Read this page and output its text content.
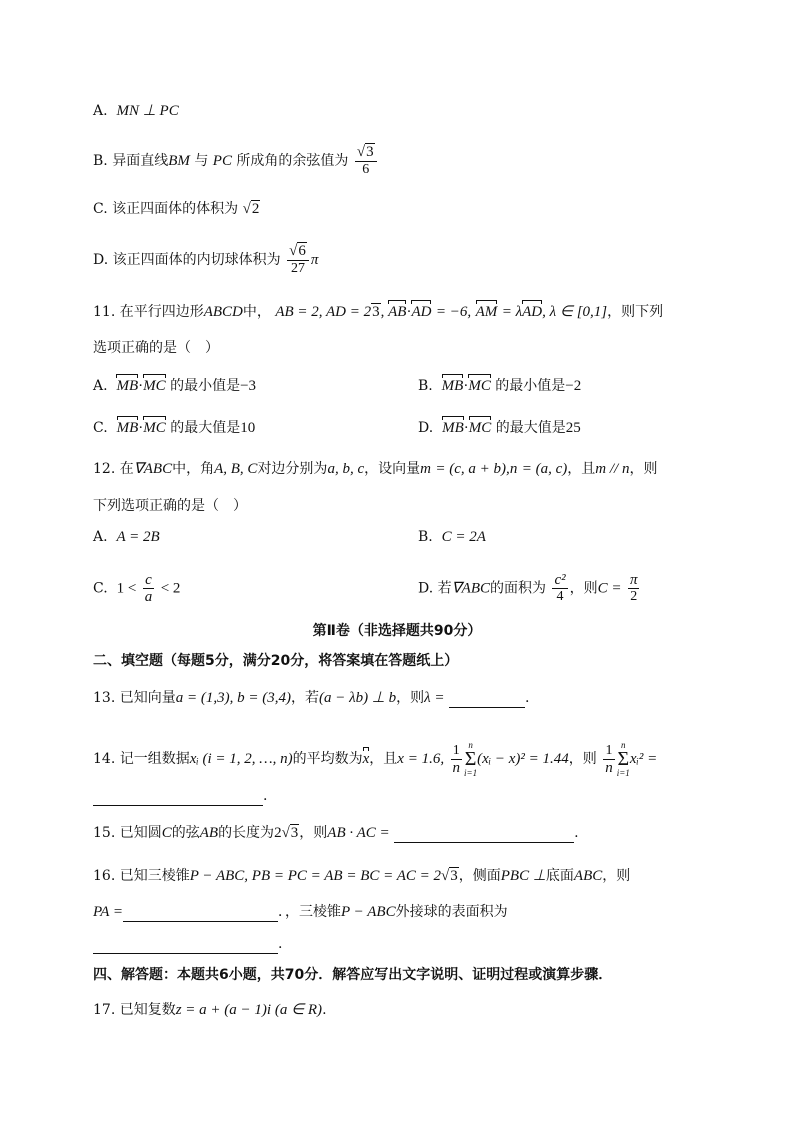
A. MN ⊥ PC
B. 异面直线BM 与 PC 所成角的余弦值为 $\frac{√3}{6}$
C. 该正四面体的体积为 √2
D. 该正四面体的内切球体积为 $\frac{√6}{27}$ π
11. 在平行四边形ABCD中， AB = 2, AD = 23, AB·AD = −6, AM = λAD, λ ∈ [0,1]，则下列
选项正确的是（　）
A. MB·MC 的最小值是−3	B. MB·MC 的最小值是−2
C. MB·MC 的最大值是10	D. MB·MC 的最大值是25
12. 在∇ABC中，角A, B, C对边分别为a, b, c，设向量m = (c, a + b),n = (a, c)，且m // n，则
下列选项正确的是（　）
A. A = 2B	B. C = 2A
C. $1 < \frac{c}{a} < 2$	D. 若∇ABC的面积为 $\frac{\text{c²}}{4}$ ，则$C = \frac{\pi}{2}$
第Ⅱ卷（非选择题共90分）
二、填空题（每题5分，满分20分，将答案填在答题纸上）
13. 已知向量a = (1,3), b = (3,4)，若(a − λb) ⊥ b，则λ =	.
14. 记一组数据xᵢ (i = 1, 2, …, n)的平均数为x，且x = 1.6, $\frac{1}{n}$ n
Σ
i=1
(xᵢ − x)² = 1.44，则 $\frac{1}{n}$ n
Σ
i=1
xᵢ² =
.
15. 已知圆C的弦AB的长度为2√3，则AB · AC =	.
16. 已知三棱锥P − ABC, PB = PC = AB = BC = AC = 2√3，侧面PBC ⊥底面ABC，则
PA =	．，三棱锥P − ABC外接球的表面积为
.
四、解答题：本题共6小题，共70分．解答应写出文字说明、证明过程或演算步骤．
17. 已知复数z = a + (a − 1)i (a ∈ R).
